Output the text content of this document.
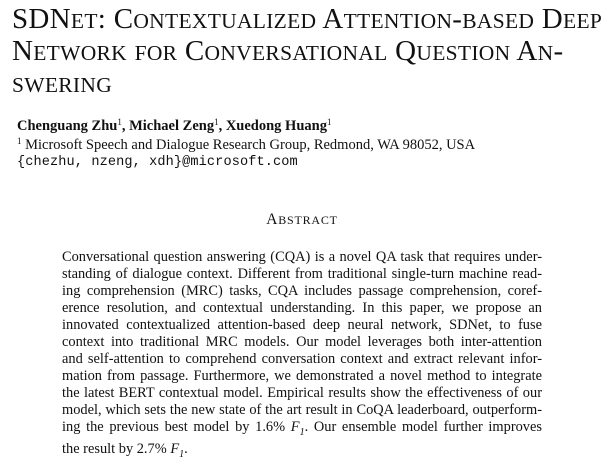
SDNET: CONTEXTUALIZED ATTENTION-BASED DEEP
NETWORK FOR CONVERSATIONAL QUESTION AN-
SWERING
Chenguang Zhu$^1$, Michael Zeng$^1$, Xuedong Huang$^1$
$^1$ Microsoft Speech and Dialogue Research Group, Redmond, WA 98052, USA
{chezhu, nzeng, xdh}@microsoft.com
ABSTRACT
Conversational question answering (CQA) is a novel QA task that requires under-
standing of dialogue context. Different from traditional single-turn machine read-
ing comprehension (MRC) tasks, CQA includes passage comprehension, coref-
erence resolution, and contextual understanding. In this paper, we propose an
innovated contextualized attention-based deep neural network, SDNet, to fuse
context into traditional MRC models. Our model leverages both inter-attention
and self-attention to comprehend conversation context and extract relevant infor-
mation from passage. Furthermore, we demonstrated a novel method to integrate
the latest BERT contextual model. Empirical results show the effectiveness of our
model, which sets the new state of the art result in CoQA leaderboard, outperform-
ing the previous best model by 1.6% $F_1$. Our ensemble model further improves
the result by 2.7% $F_1$.
